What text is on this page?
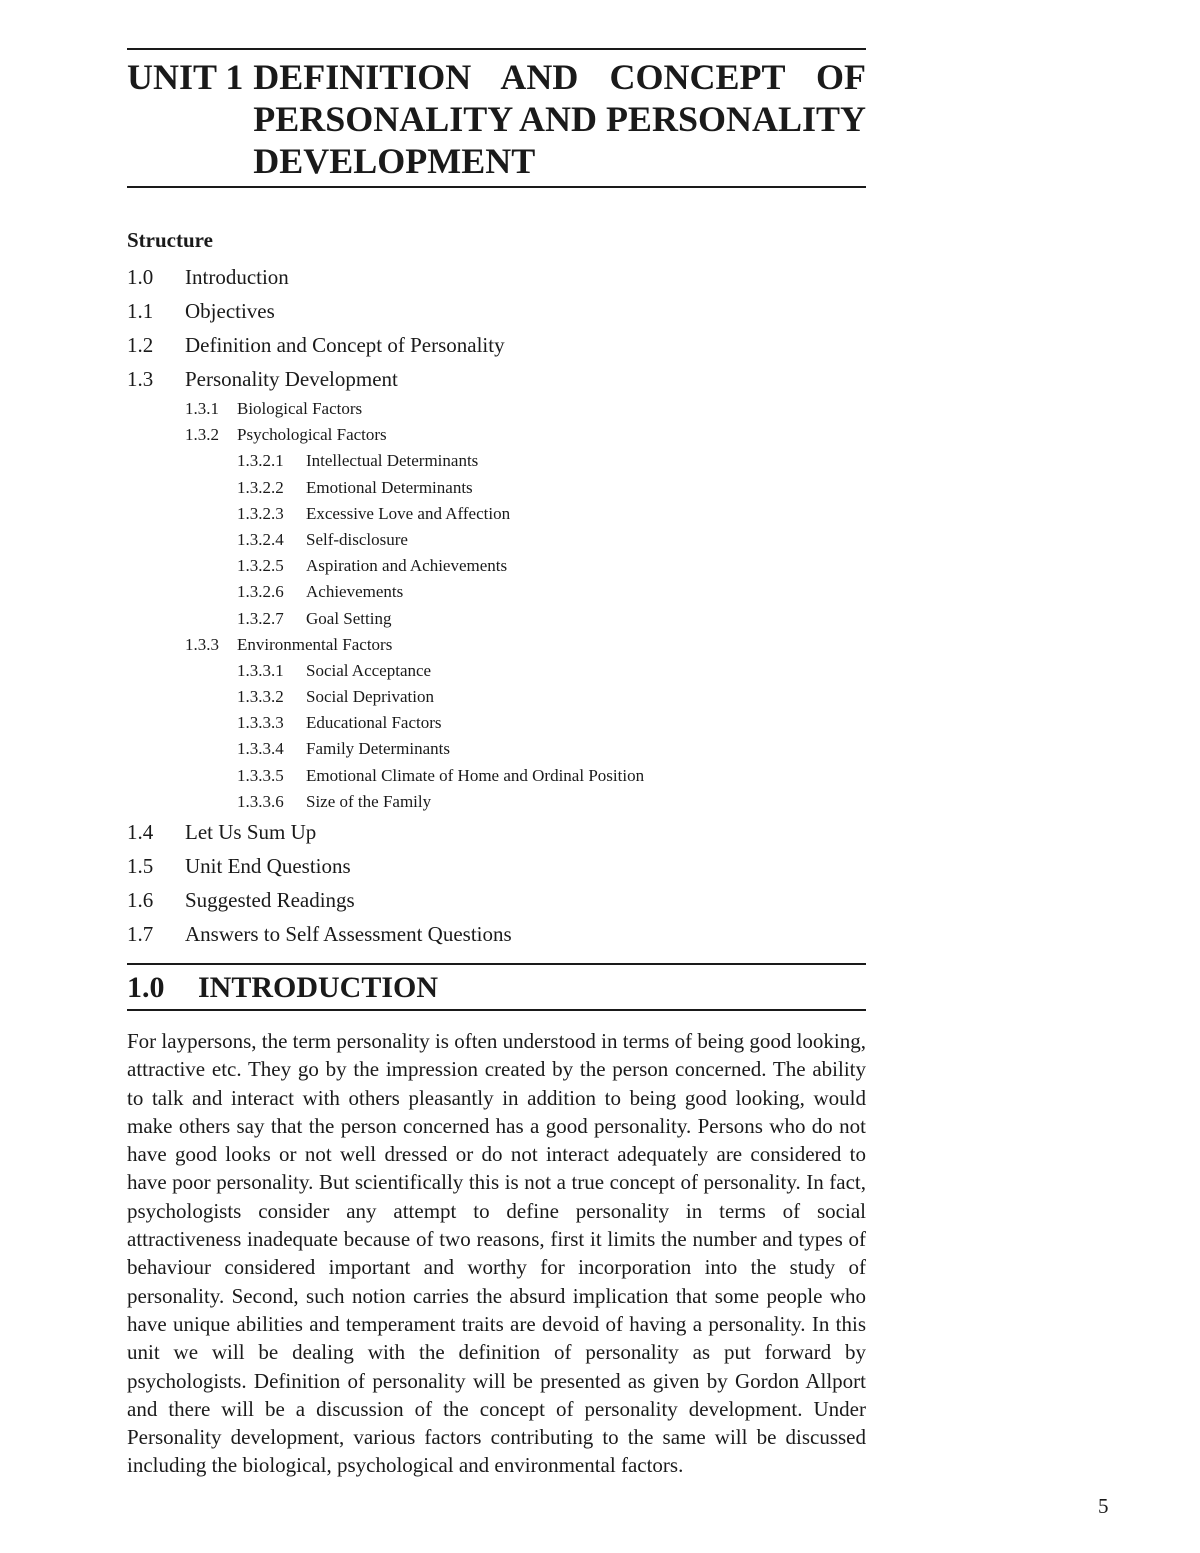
UNIT 1 DEFINITION AND CONCEPT OF
PERSONALITY AND PERSONALITY
DEVELOPMENT
Structure
1.0	Introduction
1.1	Objectives
1.2	Definition and Concept of Personality
1.3	Personality Development
1.3.1	Biological Factors
1.3.2	Psychological Factors
1.3.2.1	Intellectual Determinants
1.3.2.2	Emotional Determinants
1.3.2.3	Excessive Love and Affection
1.3.2.4	Self-disclosure
1.3.2.5	Aspiration and Achievements
1.3.2.6	Achievements
1.3.2.7	Goal Setting
1.3.3	Environmental Factors
1.3.3.1	Social Acceptance
1.3.3.2	Social Deprivation
1.3.3.3	Educational Factors
1.3.3.4	Family Determinants
1.3.3.5	Emotional Climate of Home and Ordinal Position
1.3.3.6	Size of the Family
1.4	Let Us Sum Up
1.5	Unit End Questions
1.6	Suggested Readings
1.7	Answers to Self Assessment Questions
1.0	INTRODUCTION

For laypersons, the term personality is often understood in terms of being good looking, attractive etc. They go by the impression created by the person concerned. The ability to talk and interact with others pleasantly in addition to being good looking, would make others say that the person concerned has a good personality. Persons who do not have good looks or not well dressed or do not interact adequately are considered to have poor personality. But scientifically this is not a true concept of personality. In fact, psychologists consider any attempt to define personality in terms of social attractiveness inadequate because of two reasons, first it limits the number and types of behaviour considered important and worthy for incorporation into the study of personality. Second, such notion carries the absurd implication that some people who have unique abilities and temperament traits are devoid of having a personality. In this unit we will be dealing with the definition of personality as put forward by psychologists. Definition of personality will be presented as given by Gordon Allport and there will be a discussion of the concept of personality development. Under Personality development, various factors contributing to the same will be discussed including the biological, psychological and environmental factors.

5
